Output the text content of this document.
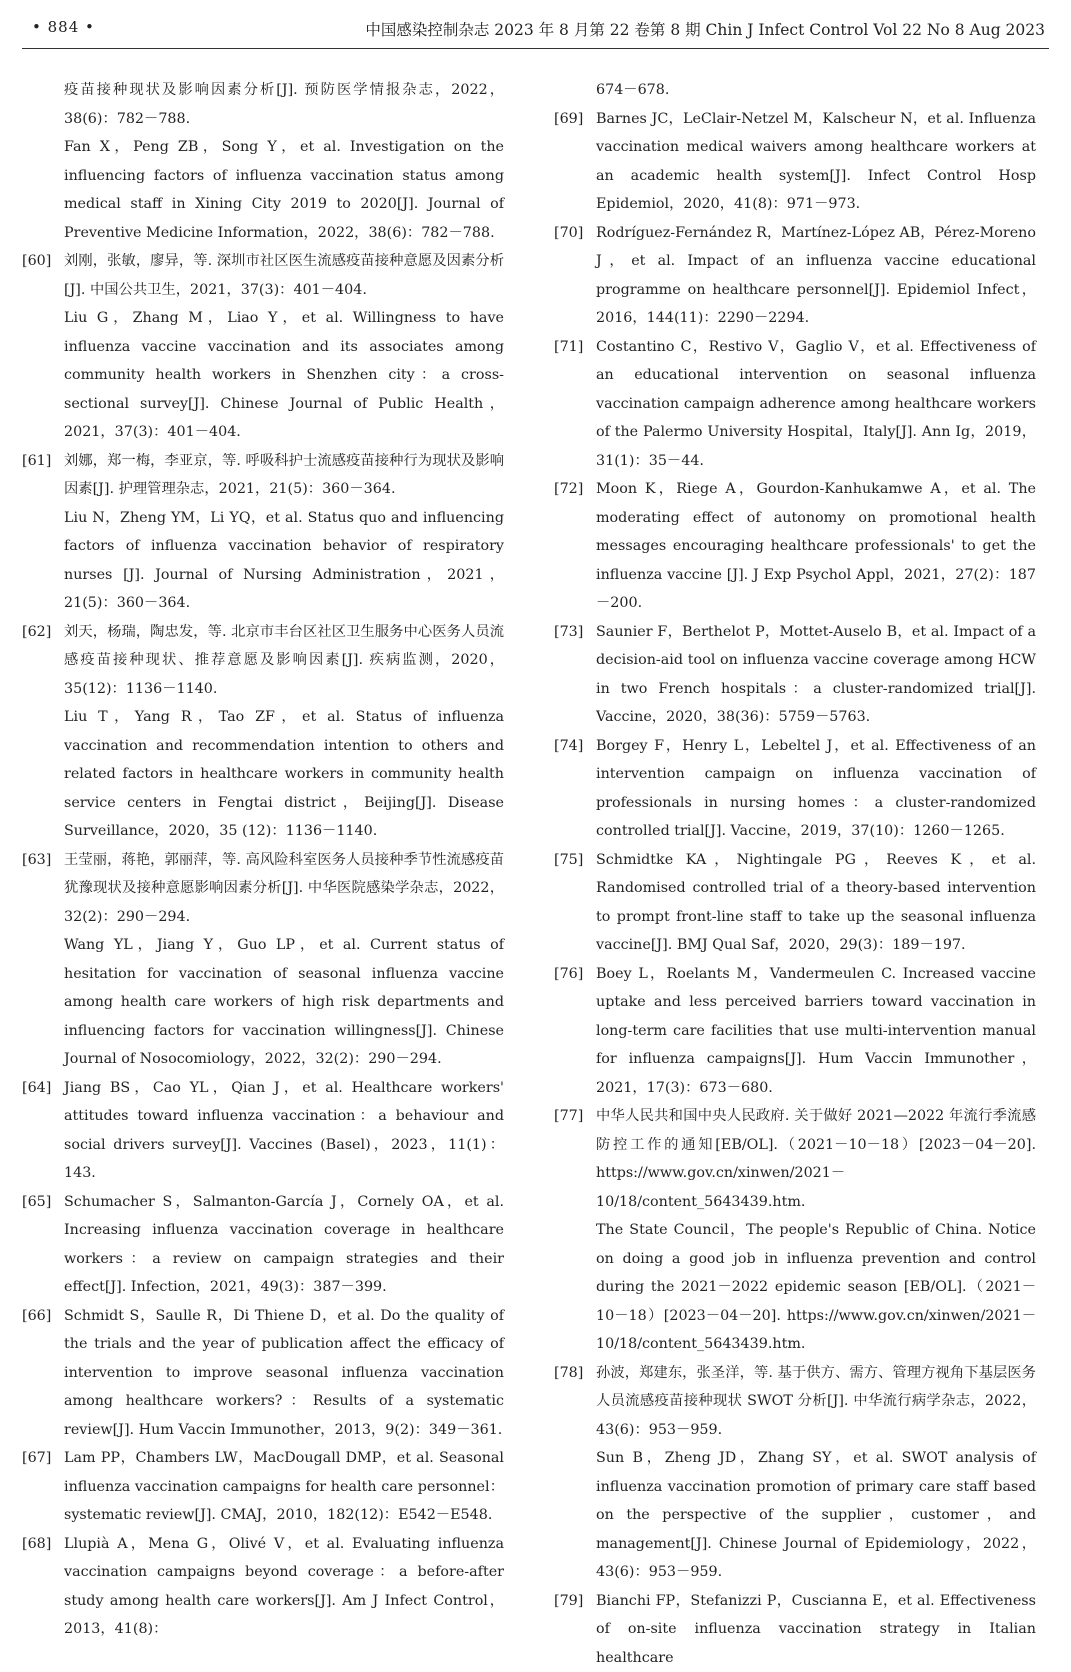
• 884 •	中国感染控制杂志 2023 年 8 月第 22 卷第 8 期 Chin J Infect Control Vol 22 No 8 Aug 2023

疫苗接种现状及影响因素分析[J]. 预防医学情报杂志，2022，38(6)：782－788.

Fan X，Peng ZB，Song Y，et al. Investigation on the influencing factors of influenza vaccination status among medical staff in Xining City 2019 to 2020[J]. Journal of Preventive Medicine Information，2022，38(6)：782－788.

[60] 刘刚，张敏，廖异，等. 深圳市社区医生流感疫苗接种意愿及因素分析[J]. 中国公共卫生，2021，37(3)：401－404.

Liu G，Zhang M，Liao Y，et al. Willingness to have influenza vaccine vaccination and its associates among community health workers in Shenzhen city：a cross-sectional survey[J]. Chinese Journal of Public Health，2021，37(3)：401－404.

[61] 刘娜，郑一梅，李亚京，等. 呼吸科护士流感疫苗接种行为现状及影响因素[J]. 护理管理杂志，2021，21(5)：360－364.

Liu N，Zheng YM，Li YQ，et al. Status quo and influencing factors of influenza vaccination behavior of respiratory nurses [J]. Journal of Nursing Administration，2021，21(5)：360－364.

[62] 刘天，杨瑞，陶忠发，等. 北京市丰台区社区卫生服务中心医务人员流感疫苗接种现状、推荐意愿及影响因素[J]. 疾病监测，2020，35(12)：1136－1140.

Liu T，Yang R，Tao ZF，et al. Status of influenza vaccination and recommendation intention to others and related factors in healthcare workers in community health service centers in Fengtai district，Beijing[J]. Disease Surveillance，2020，35 (12)：1136－1140.

[63] 王莹丽，蒋艳，郭丽萍，等. 高风险科室医务人员接种季节性流感疫苗犹豫现状及接种意愿影响因素分析[J]. 中华医院感染学杂志，2022，32(2)：290－294.

Wang YL，Jiang Y，Guo LP，et al. Current status of hesitation for vaccination of seasonal influenza vaccine among health care workers of high risk departments and influencing factors for vaccination willingness[J]. Chinese Journal of Nosocomiology，2022，32(2)：290－294.

[64] Jiang BS，Cao YL，Qian J，et al. Healthcare workers' attitudes toward influenza vaccination：a behaviour and social drivers survey[J]. Vaccines (Basel)，2023，11(1)：143.

[65] Schumacher S，Salmanton-García J，Cornely OA，et al. Increasing influenza vaccination coverage in healthcare workers：a review on campaign strategies and their effect[J]. Infection，2021，49(3)：387－399.

[66] Schmidt S，Saulle R，Di Thiene D，et al. Do the quality of the trials and the year of publication affect the efficacy of intervention to improve seasonal influenza vaccination among healthcare workers?：Results of a systematic review[J]. Hum Vaccin Immunother，2013，9(2)：349－361.

[67] Lam PP，Chambers LW，MacDougall DMP，et al. Seasonal influenza vaccination campaigns for health care personnel：systematic review[J]. CMAJ，2010，182(12)：E542－E548.

[68] Llupià A，Mena G，Olivé V，et al. Evaluating influenza vaccination campaigns beyond coverage：a before-after study among health care workers[J]. Am J Infect Control，2013，41(8)：

674－678.

[69] Barnes JC，LeClair-Netzel M，Kalscheur N，et al. Influenza vaccination medical waivers among healthcare workers at an academic health system[J]. Infect Control Hosp Epidemiol，2020，41(8)：971－973.

[70] Rodríguez-Fernández R，Martínez-López AB，Pérez-Moreno J，et al. Impact of an influenza vaccine educational programme on healthcare personnel[J]. Epidemiol Infect，2016，144(11)：2290－2294.

[71] Costantino C，Restivo V，Gaglio V，et al. Effectiveness of an educational intervention on seasonal influenza vaccination campaign adherence among healthcare workers of the Palermo University Hospital，Italy[J]. Ann Ig，2019，31(1)：35－44.

[72] Moon K，Riege A，Gourdon-Kanhukamwe A，et al. The moderating effect of autonomy on promotional health messages encouraging healthcare professionals' to get the influenza vaccine [J]. J Exp Psychol Appl，2021，27(2)：187－200.

[73] Saunier F，Berthelot P，Mottet-Auselo B，et al. Impact of a decision-aid tool on influenza vaccine coverage among HCW in two French hospitals：a cluster-randomized trial[J]. Vaccine，2020，38(36)：5759－5763.

[74] Borgey F，Henry L，Lebeltel J，et al. Effectiveness of an intervention campaign on influenza vaccination of professionals in nursing homes：a cluster-randomized controlled trial[J]. Vaccine，2019，37(10)：1260－1265.

[75] Schmidtke KA，Nightingale PG，Reeves K，et al. Randomised controlled trial of a theory-based intervention to prompt front-line staff to take up the seasonal influenza vaccine[J]. BMJ Qual Saf，2020，29(3)：189－197.

[76] Boey L，Roelants M，Vandermeulen C. Increased vaccine uptake and less perceived barriers toward vaccination in long-term care facilities that use multi-intervention manual for influenza campaigns[J]. Hum Vaccin Immunother，2021，17(3)：673－680.

[77] 中华人民共和国中央人民政府. 关于做好 2021—2022 年流行季流感防控工作的通知[EB/OL].（2021－10－18）[2023－04－20]. https://www.gov.cn/xinwen/2021－10/18/content_5643439.htm.

The State Council，The people's Republic of China. Notice on doing a good job in influenza prevention and control during the 2021－2022 epidemic season [EB/OL].（2021－10－18）[2023－04－20]. https://www.gov.cn/xinwen/2021－10/18/content_5643439.htm.

[78] 孙波，郑建东，张圣洋，等. 基于供方、需方、管理方视角下基层医务人员流感疫苗接种现状 SWOT 分析[J]. 中华流行病学杂志，2022，43(6)：953－959.

Sun B，Zheng JD，Zhang SY，et al. SWOT analysis of influenza vaccination promotion of primary care staff based on the perspective of the supplier，customer，and management[J]. Chinese Journal of Epidemiology，2022，43(6)：953－959.

[79] Bianchi FP，Stefanizzi P，Cuscianna E，et al. Effectiveness of on-site influenza vaccination strategy in Italian healthcare
